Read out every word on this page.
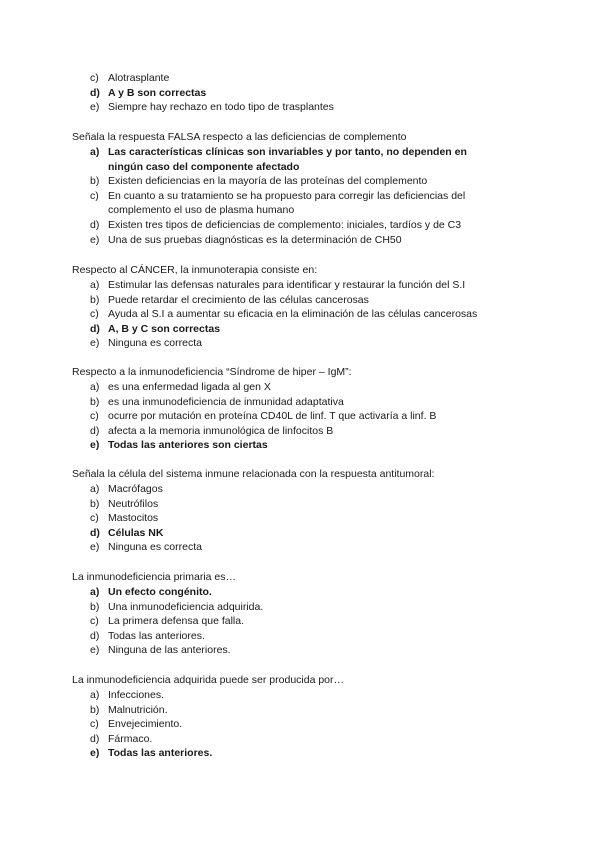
c) Alotrasplante
d) A y B son correctas
e) Siempre hay rechazo en todo tipo de trasplantes
Señala la respuesta FALSA respecto a las deficiencias de complemento
a) Las características clínicas son invariables y por tanto, no dependen en ningún caso del componente afectado
b) Existen deficiencias en la mayoría de las proteínas del complemento
c) En cuanto a su tratamiento se ha propuesto para corregir las deficiencias del complemento el uso de plasma humano
d) Existen tres tipos de deficiencias de complemento: iniciales, tardíos y de C3
e) Una de sus pruebas diagnósticas es la determinación de CH50
Respecto al CÁNCER, la inmunoterapia consiste en:
a) Estimular las defensas naturales para identificar y restaurar la función del S.I
b) Puede retardar el crecimiento de las células cancerosas
c) Ayuda al S.I a aumentar su eficacia en la eliminación de las células cancerosas
d) A, B y C son correctas
e) Ninguna es correcta
Respecto a la inmunodeficiencia “Síndrome de hiper – IgM”:
a) es una enfermedad ligada al gen X
b) es una inmunodeficiencia de inmunidad adaptativa
c) ocurre por mutación en proteína CD40L de linf. T que activaría a linf. B
d) afecta a la memoria inmunológica de linfocitos B
e) Todas las anteriores son ciertas
Señala la célula del sistema inmune relacionada con la respuesta antitumoral:
a) Macrófagos
b) Neutrófilos
c) Mastocitos
d) Células NK
e) Ninguna es correcta
La inmunodeficiencia primaria es…
a) Un efecto congénito.
b) Una inmunodeficiencia adquirida.
c) La primera defensa que falla.
d) Todas las anteriores.
e) Ninguna de las anteriores.
La inmunodeficiencia adquirida puede ser producida por…
a) Infecciones.
b) Malnutrición.
c) Envejecimiento.
d) Fármaco.
e) Todas las anteriores.
